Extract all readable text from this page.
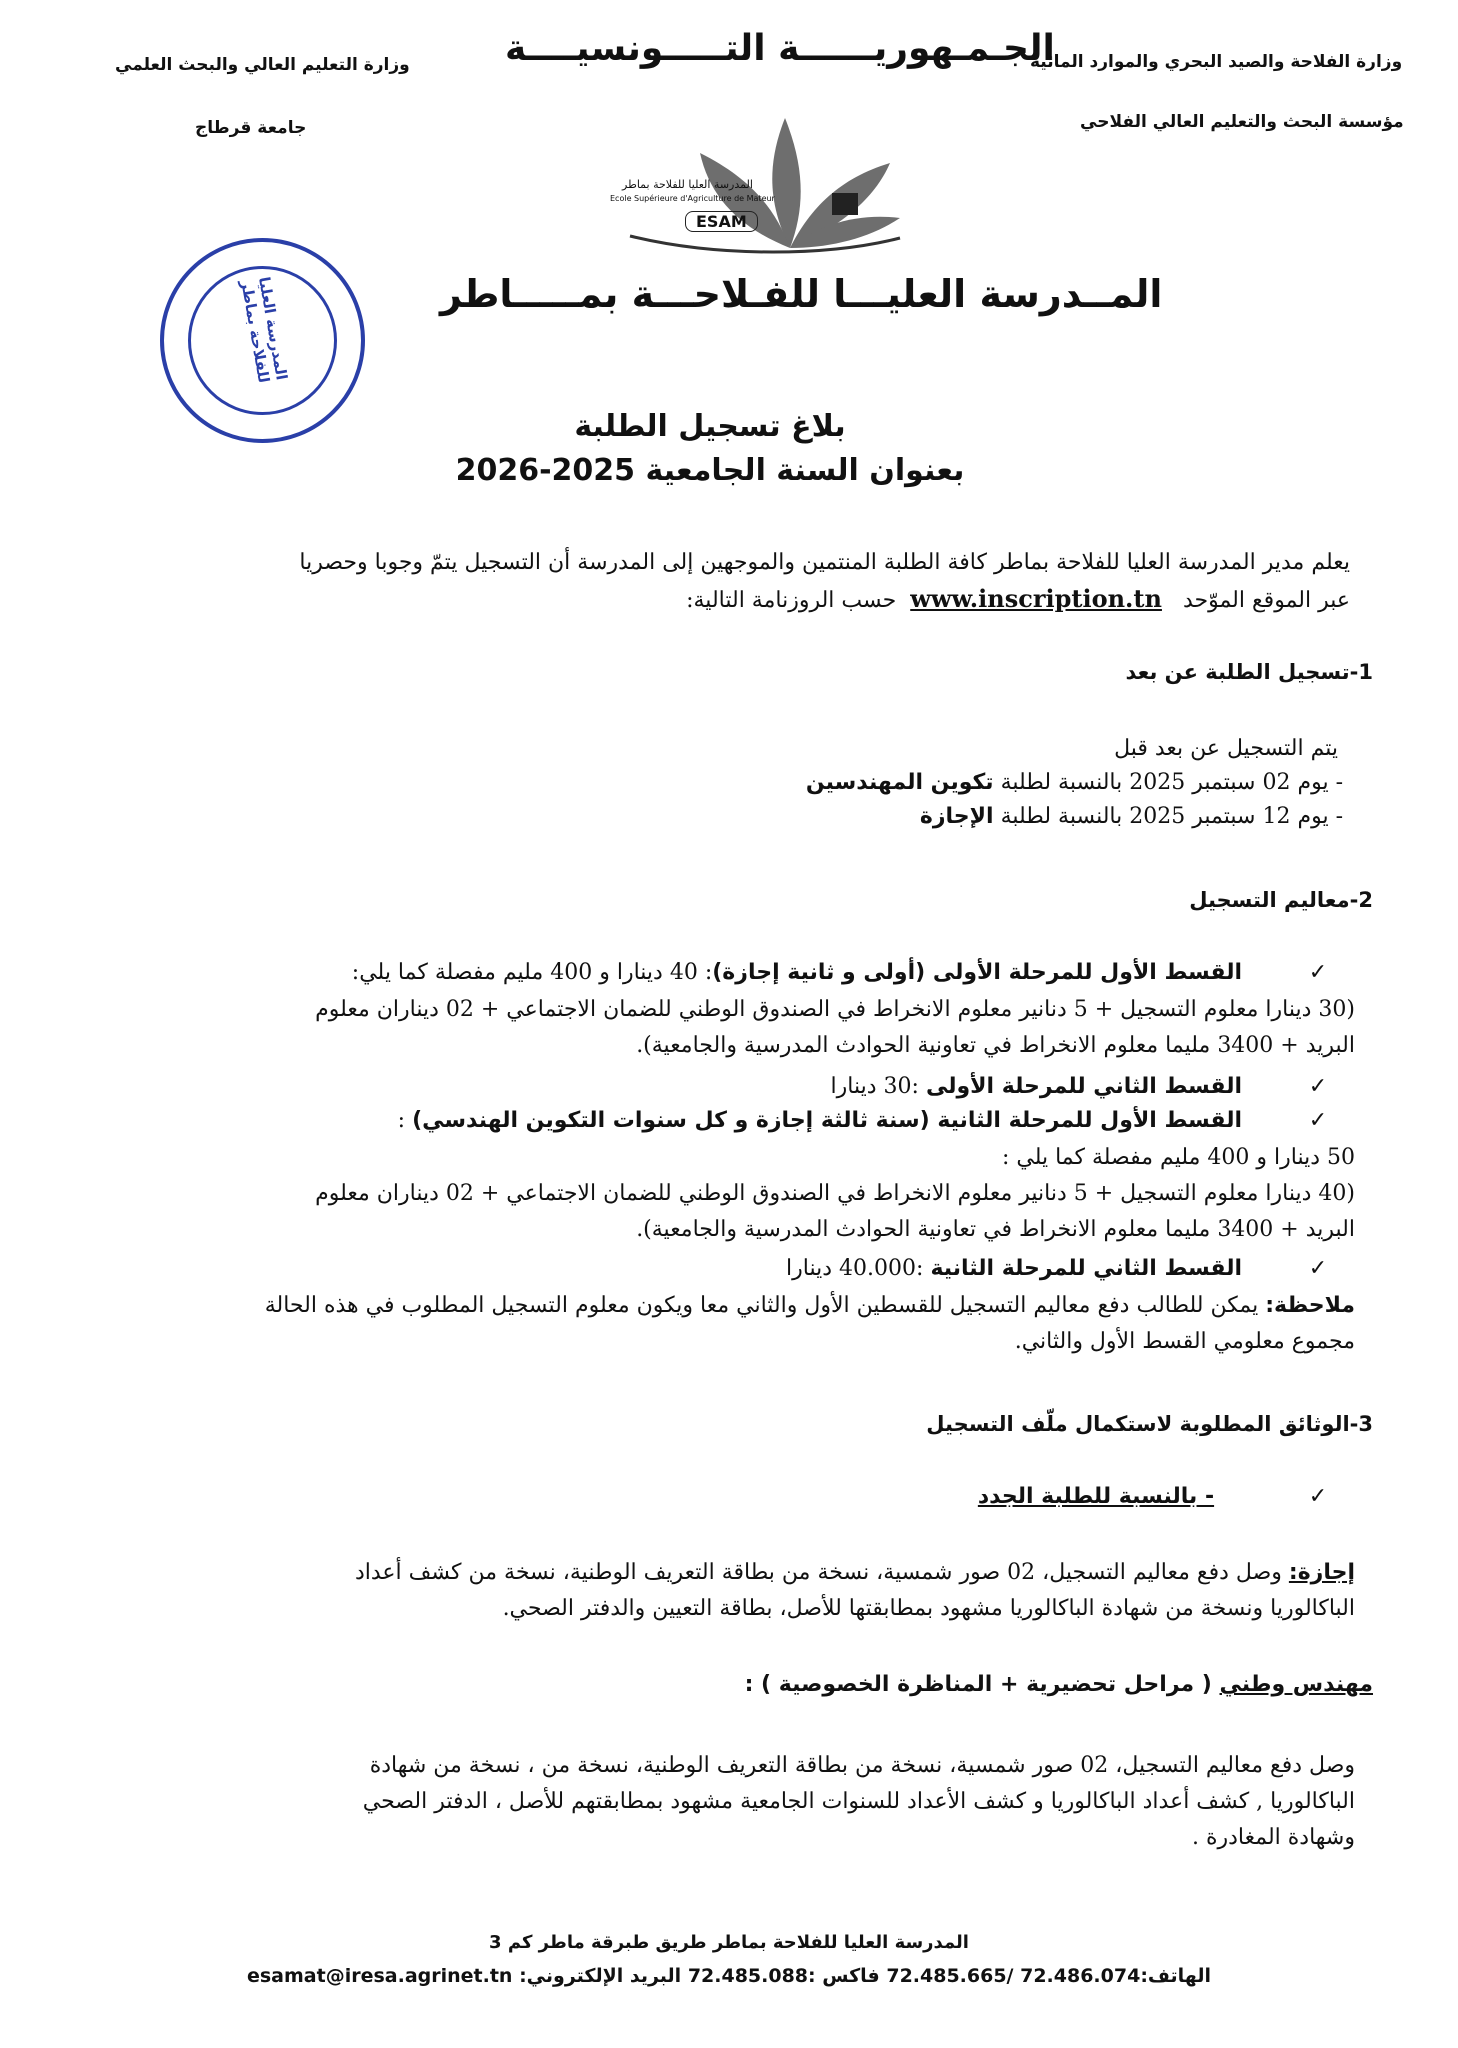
وزارة التعليم العالي والبحث العلمي
جامعة قرطاج
الجـمـهوريــــــة التـــــونسيــــة
وزارة الفلاحة والصيد البحري والموارد المائية
مؤسسة البحث والتعليم العالي الفلاحي
المدرسة العليا للفلاحة بماطر
Ecole Supérieure d'Agriculture de Mateur
ESAM
المدرسة العليا للفلاحة بماطر	المــدرسة العليـــا للفـلاحـــة بمـــــاطر
بلاغ تسجيل الطلبة
بعنوان السنة الجامعية 2025-2026
يعلم مدير المدرسة العليا للفلاحة بماطر كافة الطلبة المنتمين والموجهين إلى المدرسة أن التسجيل يتمّ وجوبا وحصريا
عبر الموقع الموّحد   www.inscription.tn  حسب الروزنامة التالية:
1-تسجيل الطلبة عن بعد
يتم التسجيل عن بعد قبل
- يوم 02 سبتمبر 2025 بالنسبة لطلبة تكوين المهندسين
- يوم 12 سبتمبر 2025 بالنسبة لطلبة الإجازة
2-معاليم التسجيل
✓        القسط الأول للمرحلة الأولى (أولى و ثانية إجازة): 40 دينارا و 400 مليم مفصلة كما يلي:
(30 دينارا معلوم التسجيل + 5 دنانير معلوم الانخراط في الصندوق الوطني للضمان الاجتماعي + 02 ديناران معلوم
البريد + 3400 مليما معلوم الانخراط في تعاونية الحوادث المدرسية والجامعية).
✓        القسط الثاني للمرحلة الأولى :30 دينارا
✓        القسط الأول للمرحلة الثانية (سنة ثالثة إجازة و كل سنوات التكوين الهندسي) :
50 دينارا و 400 مليم مفصلة كما يلي :
(40 دينارا معلوم التسجيل + 5 دنانير معلوم الانخراط في الصندوق الوطني للضمان الاجتماعي + 02 ديناران معلوم
البريد + 3400 مليما معلوم الانخراط في تعاونية الحوادث المدرسية والجامعية).
✓        القسط الثاني للمرحلة الثانية :40.000 دينارا
ملاحظة: يمكن للطالب دفع معاليم التسجيل للقسطين الأول والثاني معا ويكون معلوم التسجيل المطلوب في هذه الحالة
مجموع معلومي القسط الأول والثاني.
3-الوثائق المطلوبة لاستكمال ملّف التسجيل
✓            - بالنسبة للطلبة الجدد
إجازة: وصل دفع معاليم التسجيل، 02 صور شمسية، نسخة من بطاقة التعريف الوطنية، نسخة من كشف أعداد
الباكالوريا ونسخة من شهادة الباكالوريا مشهود بمطابقتها للأصل، بطاقة التعيين والدفتر الصحي.
مهندس وطني ( مراحل تحضيرية + المناظرة الخصوصية ) :
وصل دفع معاليم التسجيل، 02 صور شمسية، نسخة من بطاقة التعريف الوطنية، نسخة من ، نسخة من شهادة
الباكالوريا , كشف أعداد الباكالوريا و كشف الأعداد للسنوات الجامعية مشهود بمطابقتهم للأصل ، الدفتر الصحي
وشهادة المغادرة .
المدرسة العليا للفلاحة بماطر طريق طبرقة ماطر كم 3
الهاتف:72.486.074 /72.485.665 فاكس :72.485.088 البريد الإلكتروني: esamat@iresa.agrinet.tn
